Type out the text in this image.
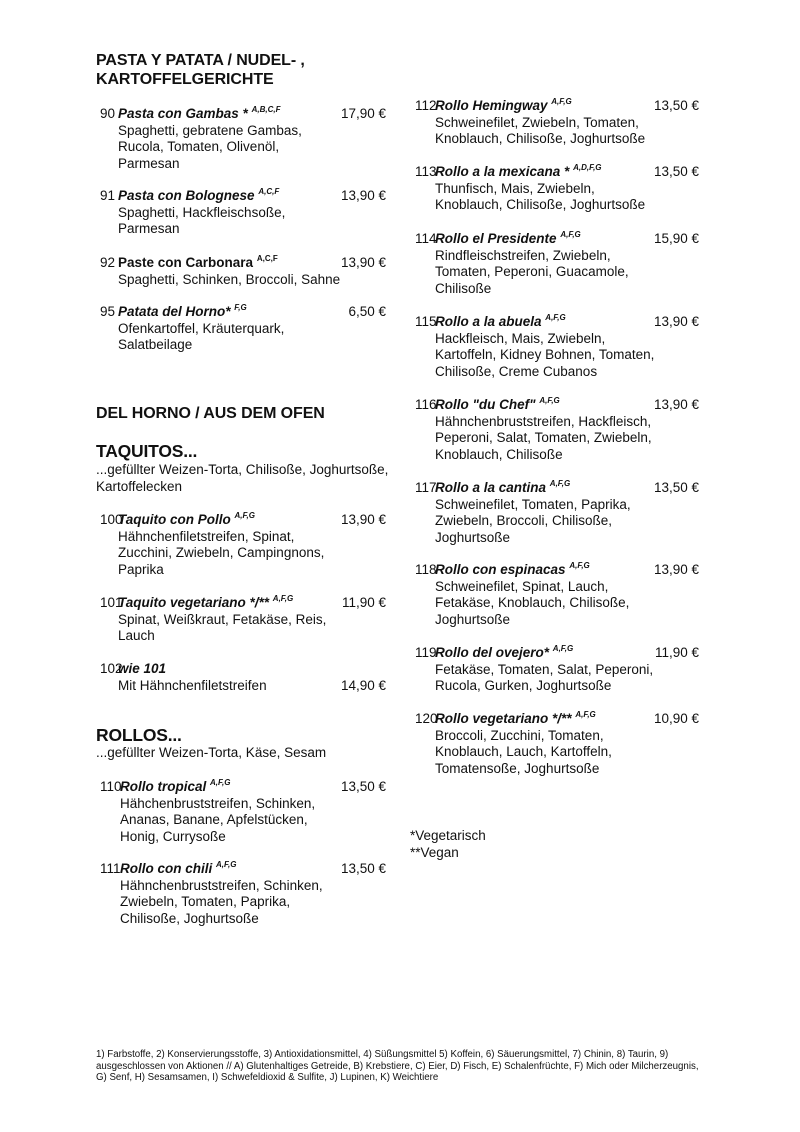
PASTA Y PATATA / NUDEL- ,
KARTOFFELGERICHTE
90 Pasta con Gambas * $^{A,B,C,F}$
Spaghetti, gebratene Gambas,
Rucola, Tomaten, Olivenöl,
Parmesan
17,90 €
91 Pasta con Bolognese $^{A,C,F}$
Spaghetti, Hackfleischsoße,
Parmesan
13,90 €
92 Paste con Carbonara $^{A,C,F}$
Spaghetti, Schinken, Broccoli, Sahne
13,90 €
95 Patata del Horno* $^{F,G}$
Ofenkartoffel, Kräuterquark,
Salatbeilage
6,50 €
DEL HORNO / AUS DEM OFEN
TAQUITOS...
...gefüllter Weizen-Torta, Chilisoße, Joghurtsoße,
Kartoffelecken
100
Taquito con Pollo $^{A,F,G}$
Hähnchenfiletstreifen, Spinat,
Zucchini, Zwiebeln, Campingnons,
Paprika
13,90 €
101
Taquito vegetariano */** $^{A,F,G}$
Spinat, Weißkraut, Fetakäse, Reis,
Lauch
11,90 €
102
wie 101
Mit Hähnchenfiletstreifen	14,90 €
ROLLOS...
...gefüllter Weizen-Torta, Käse, Sesam
110
Rollo tropical $^{A,F,G}$
Hähchenbruststreifen, Schinken,
Ananas, Banane, Apfelstücken,
Honig, Currysoße
13,50 €
111 Rollo con chili $^{A,F,G}$
Hähnchenbruststreifen, Schinken,
Zwiebeln, Tomaten, Paprika,
Chilisoße, Joghurtsoße
13,50 €
112
Rollo Hemingway $^{A,F,G}$
Schweinefilet, Zwiebeln, Tomaten,
Knoblauch, Chilisoße, Joghurtsoße
13,50 €
113
Rollo a la mexicana * $^{A,D,F,G}$
Thunfisch, Mais, Zwiebeln,
Knoblauch, Chilisoße, Joghurtsoße
13,50 €
114
Rollo el Presidente $^{A,F,G}$
Rindfleischstreifen, Zwiebeln,
Tomaten, Peperoni, Guacamole,
Chilisoße
15,90 €
115
Rollo a la abuela $^{A,F,G}$
Hackfleisch, Mais, Zwiebeln,
Kartoffeln, Kidney Bohnen, Tomaten,
Chilisoße, Creme Cubanos
13,90 €
116
Rollo "du Chef" $^{A,F,G}$
Hähnchenbruststreifen, Hackfleisch,
Peperoni, Salat, Tomaten, Zwiebeln,
Knoblauch, Chilisoße
13,90 €
117
Rollo a la cantina $^{A,F,G}$
Schweinefilet, Tomaten, Paprika,
Zwiebeln, Broccoli, Chilisoße,
Joghurtsoße
13,50 €
118
Rollo con espinacas $^{A,F,G}$
Schweinefilet, Spinat, Lauch,
Fetakäse, Knoblauch, Chilisoße,
Joghurtsoße
13,90 €
119
Rollo del ovejero* $^{A,F,G}$
Fetakäse, Tomaten, Salat, Peperoni,
Rucola, Gurken, Joghurtsoße
11,90 €
120
Rollo vegetariano */** $^{A,F,G}$
Broccoli, Zucchini, Tomaten,
Knoblauch, Lauch, Kartoffeln,
Tomatensoße, Joghurtsoße
10,90 €
*Vegetarisch
**Vegan
1) Farbstoffe, 2) Konservierungsstoffe, 3) Antioxidationsmittel, 4) Süßungsmittel 5) Koffein, 6) Säuerungsmittel, 7) Chinin, 8) Taurin, 9)
ausgeschlossen von Aktionen // A) Glutenhaltiges Getreide, B) Krebstiere, C) Eier, D) Fisch, E) Schalenfrüchte, F) Mich oder Milcherzeugnis,
G) Senf, H) Sesamsamen, I) Schwefeldioxid & Sulfite, J) Lupinen, K) Weichtiere
